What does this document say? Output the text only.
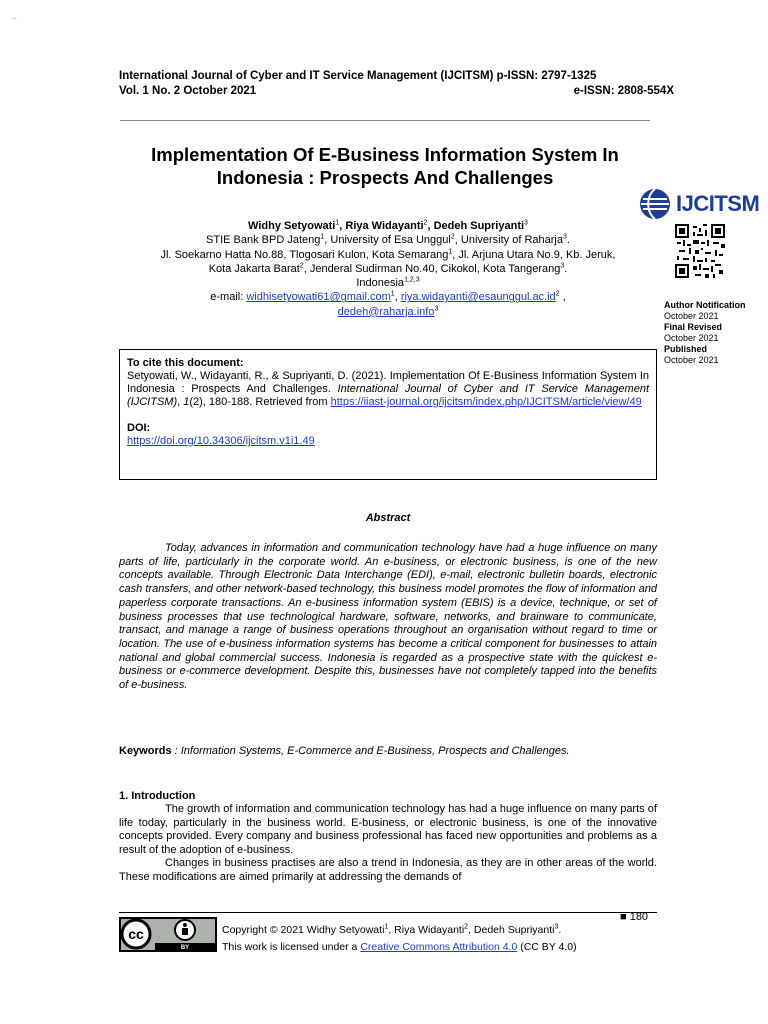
–
International Journal of Cyber and IT Service Management (IJCITSM) p-ISSN: 2797-1325
Vol. 1 No. 2 October 2021	e-ISSN: 2808-554X
Implementation Of E-Business Information System In
Indonesia : Prospects And Challenges
IJCITSM
Author Notification
October 2021
Final Revised
October 2021
Published
October 2021
Widhy Setyowati$^1$, Riya Widayanti$^2$, Dedeh Supriyanti$^3$
STIE Bank BPD Jateng$^1$, University of Esa Unggul$^2$, University of Raharja$^3$.
Jl. Soekarno Hatta No.88, Tlogosari Kulon, Kota Semarang$^1$, Jl. Arjuna Utara No.9, Kb. Jeruk,
Kota Jakarta Barat$^2$, Jenderal Sudirman No.40, Cikokol, Kota Tangerang$^3$.
Indonesia$^{1,2,3}$
e-mail: widhisetyowati61@gmail.com$^1$, $riya.widayanti@esaunggul.ac.id^2$ ,
dedeh@raharja.info$^3$
To cite this document:
Setyowati, W., Widayanti, R., & Supriyanti, D. (2021). Implementation Of E-Business Information System In Indonesia : Prospects And Challenges. International Journal of Cyber and IT Service Management (IJCITSM), 1(2), 180-188. Retrieved from https://iiast-journal.org/ijcitsm/index.php/IJCITSM/article/view/49
DOI:
https://doi.org/10.34306/ijcitsm.v1i1.49
Abstract
Today, advances in information and communication technology have had a huge influence on many parts of life, particularly in the corporate world. An e-business, or electronic business, is one of the new concepts available. Through Electronic Data Interchange (EDI), e-mail, electronic bulletin boards, electronic cash transfers, and other network-based technology, this business model promotes the flow of information and paperless corporate transactions. An e-business information system (EBIS) is a device, technique, or set of business processes that use technological hardware, software, networks, and brainware to communicate, transact, and manage a range of business operations throughout an organisation without regard to time or location. The use of e-business information systems has become a critical component for businesses to attain national and global commercial success. Indonesia is regarded as a prospective state with the quickest e-business or e-commerce development. Despite this, businesses have not completely tapped into the benefits of e-business.
Keywords : Information Systems, E-Commerce and E-Business, Prospects and Challenges.
1. Introduction

The growth of information and communication technology has had a huge influence on many parts of life today, particularly in the business world. E-business, or electronic business, is one of the innovative concepts provided. Every company and business professional has faced new opportunities and problems as a result of the adoption of e-business.

Changes in business practises are also a trend in Indonesia, as they are in other areas of the world. These modifications are aimed primarily at addressing the demands of

■ 180
cc
BY
Copyright © 2021 Widhy Setyowati$^1$, Riya Widayanti$^2$, Dedeh Supriyanti$^3$.
This work is licensed under a Creative Commons Attribution 4.0 (CC BY 4.0)
